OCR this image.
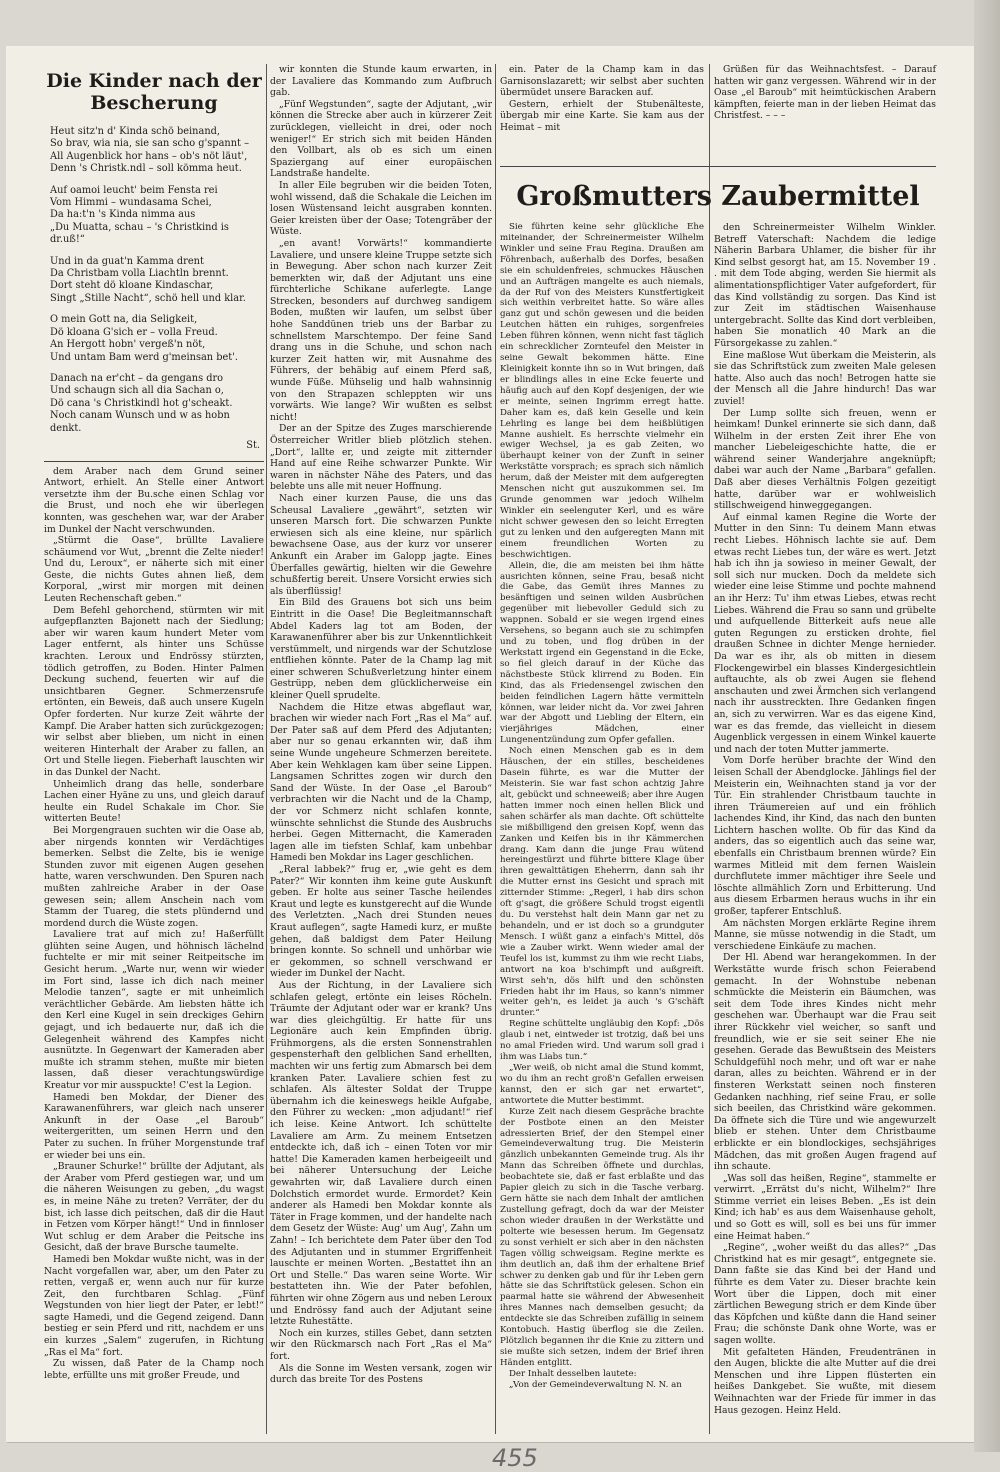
Die Kinder nach der Bescherung

Heut sitz'n d' Kinda schö beinand,

So brav, wia nia, sie san scho g'spannt –

All Augenblick hor hans – ob's nöt läut',

Denn 's Christk.ndl – soll kömma heut.

Auf oamoi leucht' beim Fensta rei

Vom Himmi – wundasama Schei,

Da ha:t'n 's Kinda nimma aus

„Du Muatta, schau – 's Christkind is dr.uß!“

Und in da guat'n Kamma drent

Da Christbam volla Liachtln brennt.

Dort steht dö kloane Kindaschar,

Singt „Stille Nacht“, schö hell und klar.

O mein Gott na, dia Seligkeit,

Dö kloana G'sich er – volla Freud.

An Hergott hobn' vergeß'n nöt,

Und untam Bam werd g'meinsan bet'.

Danach na er'cht – da gengans dro

Und schaugn sich all dia Sachan o,

Dö cana 's Christkindl hot g'scheakt.

Noch canam Wunsch und w as hobn denkt.

St.

dem Araber nach dem Grund seiner Antwort, erhielt. An Stelle einer Antwort versetzte ihm der Bu.sche einen Schlag vor die Brust, und noch ehe wir überlegen konnten, was geschehen war, war der Araber im Dunkel der Nacht verschwunden.

„Stürmt die Oase“, brüllte Lavaliere schäumend vor Wut, „brennt die Zelte nieder! Und du, Leroux“, er näherte sich mit einer Geste, die nichts Gutes ahnen ließ, dem Korporal, „wirst mir morgen mit deinen Leuten Rechenschaft geben.“

Dem Befehl gehorchend, stürmten wir mit aufgepflanzten Bajonett nach der Siedlung; aber wir waren kaum hundert Meter vom Lager entfernt, als hinter uns Schüsse krachten. Leroux und Endrössy stürzten, tödlich getroffen, zu Boden. Hinter Palmen Deckung suchend, feuerten wir auf die unsichtbaren Gegner. Schmerzensrufe ertönten, ein Beweis, daß auch unsere Kugeln Opfer forderten. Nur kurze Zeit währte der Kampf. Die Araber hatten sich zurückgezogen; wir selbst aber blieben, um nicht in einen weiteren Hinterhalt der Araber zu fallen, an Ort und Stelle liegen. Fieberhaft lauschten wir in das Dunkel der Nacht.

Unheimlich drang das helle, sonderbare Lachen einer Hyäne zu uns, und gleich darauf heulte ein Rudel Schakale im Chor. Sie witterten Beute!

Bei Morgengrauen suchten wir die Oase ab, aber nirgends konnten wir Verdächtiges bemerken. Selbst die Zelte, bis ie wenige Stunden zuvor mit eigenen Augen gesehen hatte, waren verschwunden. Den Spuren nach mußten zahlreiche Araber in der Oase gewesen sein; allem Anschein nach vom Stamm der Tuareg, die stets plündernd und mordend durch die Wüste zogen.

Lavaliere trat auf mich zu! Haßerfüllt glühten seine Augen, und höhnisch lächelnd fuchtelte er mir mit seiner Reitpeitsche im Gesicht herum. „Warte nur, wenn wir wieder im Fort sind, lasse ich dich nach meiner Melodie tanzen“, sagte er mit unheimlich verächtlicher Gebärde. Am liebsten hätte ich den Kerl eine Kugel in sein dreckiges Gehirn gejagt, und ich bedauerte nur, daß ich die Gelegenheit während des Kampfes nicht ausnützte. In Gegenwart der Kameraden aber mußte ich stramm stehen, mußte mir bieten lassen, daß dieser verachtungswürdige Kreatur vor mir ausspuckte! C'est la Legion.

Hamedi ben Mokdar, der Diener des Karawanenführers, war gleich nach unserer Ankunft in der Oase „el Baroub“ weitergeritten, um seinen Herrn und den Pater zu suchen. In früher Morgenstunde traf er wieder bei uns ein.

„Brauner Schurke!“ brüllte der Adjutant, als der Araber vom Pferd gestiegen war, und um die näheren Weisungen zu geben, „du wagst es, in meine Nähe zu treten? Verräter, der du bist, ich lasse dich peitschen, daß dir die Haut in Fetzen vom Körper hängt!“ Und in finnloser Wut schlug er dem Araber die Peitsche ins Gesicht, daß der brave Bursche taumelte.

Hamedi ben Mokdar wußte nicht, was in der Nacht vorgefallen war, aber, um den Pater zu retten, vergaß er, wenn auch nur für kurze Zeit, den furchtbaren Schlag. „Fünf Wegstunden von hier liegt der Pater, er lebt!“ sagte Hamedi, und die Gegend zeigend. Dann bestieg er sein Pferd und ritt, nachdem er uns ein kurzes „Salem“ zugerufen, in Richtung „Ras el Ma“ fort.

Zu wissen, daß Pater de la Champ noch lebte, erfüllte uns mit großer Freude, und

wir konnten die Stunde kaum erwarten, in der Lavaliere das Kommando zum Aufbruch gab.

„Fünf Wegstunden“, sagte der Adjutant, „wir können die Strecke aber auch in kürzerer Zeit zurücklegen, vielleicht in drei, oder noch weniger!“ Er strich sich mit beiden Händen den Vollbart, als ob es sich um einen Spaziergang auf einer europäischen Landstraße handelte.

In aller Eile begruben wir die beiden Toten, wohl wissend, daß die Schakale die Leichen im losen Wüstensand leicht ausgraben konnten. Geier kreisten über der Oase; Totengräber der Wüste.

„en avant! Vorwärts!“ kommandierte Lavaliere, und unsere kleine Truppe setzte sich in Bewegung. Aber schon nach kurzer Zeit bemerkten wir, daß der Adjutant uns eine fürchterliche Schikane auferlegte. Lange Strecken, besonders auf durchweg sandigem Boden, mußten wir laufen, um selbst über hohe Sanddünen trieb uns der Barbar zu schnellstem Marschtempo. Der feine Sand drang uns in die Schuhe, und schon nach kurzer Zeit hatten wir, mit Ausnahme des Führers, der behäbig auf einem Pferd saß, wunde Füße. Mühselig und halb wahnsinnig von den Strapazen schleppten wir uns vorwärts. Wie lange? Wir wußten es selbst nicht!

Der an der Spitze des Zuges marschierende Österreicher Writler blieb plötzlich stehen. „Dort“, lallte er, und zeigte mit zitternder Hand auf eine Reihe schwarzer Punkte. Wir waren in nächster Nähe des Paters, und das belebte uns alle mit neuer Hoffnung.

Nach einer kurzen Pause, die uns das Scheusal Lavaliere „gewährt“, setzten wir unseren Marsch fort. Die schwarzen Punkte erwiesen sich als eine kleine, nur spärlich bewachsene Oase, aus der kurz vor unserer Ankunft ein Araber im Galopp jagte. Eines Überfalles gewärtig, hielten wir die Gewehre schußfertig bereit. Unsere Vorsicht erwies sich als überflüssig!

Ein Bild des Grauens bot sich uns beim Eintritt in die Oase! Die Begleitmannschaft Abdel Kaders lag tot am Boden, der Karawanenführer aber bis zur Unkenntlichkeit verstümmelt, und nirgends war der Schutzlose entfliehen könnte. Pater de la Champ lag mit einer schweren Schußverletzung hinter einem Gestrüpp, neben dem glücklicherweise ein kleiner Quell sprudelte.

Nachdem die Hitze etwas abgeflaut war, brachen wir wieder nach Fort „Ras el Ma“ auf. Der Pater saß auf dem Pferd des Adjutanten; aber nur so genau erkannten wir, daß ihm seine Wunde ungeheure Schmerzen bereitete. Aber kein Wehklagen kam über seine Lippen. Langsamen Schrittes zogen wir durch den Sand der Wüste. In der Oase „el Baroub“ verbrachten wir die Nacht und de la Champ, der vor Schmerz nicht schlafen konnte, wünschte sehnlichst die Stunde des Ausbruchs herbei. Gegen Mitternacht, die Kameraden lagen alle im tiefsten Schlaf, kam unbehbar Hamedi ben Mokdar ins Lager geschlichen.

„Reral labbek?“ frug er, „wie geht es dem Pater?“ Wir konnten ihm keine gute Auskunft geben. Er holte aus seiner Tasche heilendes Kraut und legte es kunstgerecht auf die Wunde des Verletzten. „Nach drei Stunden neues Kraut auflegen“, sagte Hamedi kurz, er mußte gehen, daß baldigst dem Pater Heilung bringen konnte. So schnell und unhörbar wie er gekommen, so schnell verschwand er wieder im Dunkel der Nacht.

Aus der Richtung, in der Lavaliere sich schlafen gelegt, ertönte ein leises Röcheln. Träumte der Adjutant oder war er krank? Uns war dies gleichgültig. Er hatte für uns Legionäre auch kein Empfinden übrig. Frühmorgens, als die ersten Sonnenstrahlen gespensterhaft den gelblichen Sand erhellten, machten wir uns fertig zum Abmarsch bei dem kranken Pater. Lavaliere schien fest zu schlafen. Als ältester Soldat der Truppe übernahm ich die keineswegs heikle Aufgabe, den Führer zu wecken: „mon adjudant!“ rief ich leise. Keine Antwort. Ich schüttelte Lavaliere am Arm. Zu meinem Entsetzen entdeckte ich, daß ich – einen Toten vor mir hatte! Die Kameraden kamen herbeigeeilt und bei näherer Untersuchung der Leiche gewahrten wir, daß Lavaliere durch einen Dolchstich ermordet wurde. Ermordet? Kein anderer als Hamedi ben Mokdar konnte als Täter in Frage kommen, und der handelte nach dem Gesetz der Wüste: Aug' um Aug', Zahn um Zahn! – Ich berichtete dem Pater über den Tod des Adjutanten und in stummer Ergriffenheit lauschte er meinen Worten. „Bestattet ihn an Ort und Stelle.“ Das waren seine Worte. Wir bestatteten ihn. Wie der Pater befohlen, führten wir ohne Zögern aus und neben Leroux und Endrössy fand auch der Adjutant seine letzte Ruhestätte.

Noch ein kurzes, stilles Gebet, dann setzten wir den Rückmarsch nach Fort „Ras el Ma“ fort.

Als die Sonne im Westen versank, zogen wir durch das breite Tor des Postens

ein. Pater de la Champ kam in das Garnisonslazarett; wir selbst aber suchten übermüdet unsere Baracken auf.

Gestern, erhielt der Stubenälteste, übergab mir eine Karte. Sie kam aus der Heimat – mit

Grüßen für das Weihnachtsfest. – Darauf hatten wir ganz vergessen. Während wir in der Oase „el Baroub“ mit heimtückischen Arabern kämpften, feierte man in der lieben Heimat das Christfest. – – –

Großmutters Zaubermittel

Sie führten keine sehr glückliche Ehe miteinander, der Schreinermeister Wilhelm Winkler und seine Frau Regina. Draußen am Föhrenbach, außerhalb des Dorfes, besaßen sie ein schuldenfreies, schmuckes Häuschen und an Aufträgen mangelte es auch niemals, da der Ruf von des Meisters Kunstfertigkeit sich weithin verbreitet hatte. So wäre alles ganz gut und schön gewesen und die beiden Leutchen hätten ein ruhiges, sorgenfreies Leben führen können, wenn nicht fast täglich ein schrecklicher Zornteufel den Meister in seine Gewalt bekommen hätte. Eine Kleinigkeit konnte ihn so in Wut bringen, daß er blindlings alles in eine Ecke feuerte und häufig auch auf den Kopf desjenigen, der wie er meinte, seinen Ingrimm erregt hatte. Daher kam es, daß kein Geselle und kein Lehrling es lange bei dem heißblütigen Manne aushielt. Es herrschte vielmehr ein ewiger Wechsel, ja es gab Zeiten, wo überhaupt keiner von der Zunft in seiner Werkstätte vorsprach; es sprach sich nämlich herum, daß der Meister mit dem aufgeregten Menschen nicht gut auszukommen sei. Im Grunde genommen war jedoch Wilhelm Winkler ein seelenguter Kerl, und es wäre nicht schwer gewesen den so leicht Erregten gut zu lenken und den aufgeregten Mann mit einem freundlichen Worten zu beschwichtigen.

Allein, die, die am meisten bei ihm hätte ausrichten können, seine Frau, besaß nicht die Gabe, das Gemüt ihres Mannes zu besänftigen und seinen wilden Ausbrüchen gegenüber mit liebevoller Geduld sich zu wappnen. Sobald er sie wegen irgend eines Versehens, so begann auch sie zu schimpfen und zu toben, und flog drüben in der Werkstatt irgend ein Gegenstand in die Ecke, so fiel gleich darauf in der Küche das nächstbeste Stück klirrend zu Boden. Ein Kind, das als Friedensengel zwischen den beiden feindlichen Lagern hätte vermitteln können, war leider nicht da. Vor zwei Jahren war der Abgott und Liebling der Eltern, ein vierjähriges Mädchen, einer Lungenentzündung zum Opfer gefallen.

Noch einen Menschen gab es in dem Häuschen, der ein stilles, bescheidenes Dasein führte, es war die Mutter der Meisterin. Sie war fast schon achtzig Jahre alt, gebückt und schneeweiß; aber ihre Augen hatten immer noch einen hellen Blick und sahen schärfer als man dachte. Oft schüttelte sie mißbilligend den greisen Kopf, wenn das Zanken und Keifen bis in ihr Kämmerchen drang. Kam dann die junge Frau wütend hereingestürzt und führte bittere Klage über ihren gewalttätigen Eheherrn, dann sah ihr die Mutter ernst ins Gesicht und sprach mit zitternder Stimme: „Regerl, i hab dirs schon oft g'sagt, die größere Schuld trogst eigentli du. Du verstehst halt dein Mann gar net zu behandeln, und er ist doch so a grundguter Mensch. I wüßt ganz a einfach's Mittel, dös wie a Zauber wirkt. Wenn wieder amal der Teufel los ist, kummst zu ihm wie recht Liabs, antwort na koa b'schimpft und außgreift. Wirst seh'n, dös hilft und den schönsten Frieden habt ihr im Haus, so kann's nimmer weiter geh'n, es leidet ja auch 's G'schäft drunter.“

Regine schüttelte ungläubig den Kopf: „Dös glaub i net, eintweder ist trotzig, daß bei uns no amal Frieden wird. Und warum soll grad i ihm was Liabs tun.“

„Wer weiß, ob nicht amal die Stund kommt, wo du ihm an recht groß'n Gefallen erweisen kannst, den er sich gar net erwartet“, antwortete die Mutter bestimmt.

Kurze Zeit nach diesem Gespräche brachte der Postbote einen an den Meister adressierten Brief, der den Stempel einer Gemeindeverwaltung trug. Die Meisterin gänzlich unbekannten Gemeinde trug. Als ihr Mann das Schreiben öffnete und durchlas, beobachtete sie, daß er fast erblaßte und das Papier gleich zu sich in die Tasche verbarg. Gern hätte sie nach dem Inhalt der amtlichen Zustellung gefragt, doch da war der Meister schon wieder draußen in der Werkstätte und polterte wie besessen herum. Im Gegensatz zu sonst verhielt er sich aber in den nächsten Tagen völlig schweigsam. Regine merkte es ihm deutlich an, daß ihm der erhaltene Brief schwer zu denken gab und für ihr Leben gern hätte sie das Schriftstück gelesen. Schon ein paarmal hatte sie während der Abwesenheit ihres Mannes nach demselben gesucht; da entdeckte sie das Schreiben zufällig in seinem Kontobuch. Hastig überflog sie die Zeilen. Plötzlich begannen ihr die Knie zu zittern und sie mußte sich setzen, indem der Brief ihren Händen entglitt.

Der Inhalt desselben lautete:

„Von der Gemeindeverwaltung N. N. an

den Schreinermeister Wilhelm Winkler. Betreff Vaterschaft: Nachdem die ledige Näherin Barbara Uhlamer, die bisher für ihr Kind selbst gesorgt hat, am 15. November 19 . . mit dem Tode abging, werden Sie hiermit als alimentationspflichtiger Vater aufgefordert, für das Kind vollständig zu sorgen. Das Kind ist zur Zeit im städtischen Waisenhause untergebracht. Sollte das Kind dort verbleiben, haben Sie monatlich 40 Mark an die Fürsorgekasse zu zahlen.“

Eine maßlose Wut überkam die Meisterin, als sie das Schriftstück zum zweiten Male gelesen hatte. Also auch das noch! Betrogen hatte sie der Mensch all die Jahre hindurch! Das war zuviel!

Der Lump sollte sich freuen, wenn er heimkam! Dunkel erinnerte sie sich dann, daß Wilhelm in der ersten Zeit ihrer Ehe von mancher Liebeleigeschichte hatte, die er während seiner Wanderjahre angeknüpft; dabei war auch der Name „Barbara“ gefallen. Daß aber dieses Verhältnis Folgen gezeitigt hatte, darüber war er wohlweislich stillschweigend hinweggegangen.

Auf einmal kamen Regine die Worte der Mutter in den Sinn: Tu deinem Mann etwas recht Liebes. Höhnisch lachte sie auf. Dem etwas recht Liebes tun, der wäre es wert. Jetzt hab ich ihn ja sowieso in meiner Gewalt, der soll sich nur mucken. Doch da meldete sich wieder eine leise Stimme und pochte mahnend an ihr Herz: Tu' ihm etwas Liebes, etwas recht Liebes. Während die Frau so sann und grübelte und aufquellende Bitterkeit aufs neue alle guten Regungen zu ersticken drohte, fiel draußen Schnee in dichter Menge hernieder. Da war es ihr, als ob mitten in diesem Flockengewirbel ein blasses Kindergesichtlein auftauchte, als ob zwei Augen sie flehend anschauten und zwei Ärmchen sich verlangend nach ihr ausstreckten. Ihre Gedanken fingen an, sich zu verwirren. War es das eigene Kind, war es das fremde, das vielleicht in diesem Augenblick vergessen in einem Winkel kauerte und nach der toten Mutter jammerte.

Vom Dorfe herüber brachte der Wind den leisen Schall der Abendglocke. Jählings fiel der Meisterin ein, Weihnachten stand ja vor der Tür. Ein strahlender Christbaum tauchte in ihren Träumereien auf und ein fröhlich lachendes Kind, ihr Kind, das nach den bunten Lichtern haschen wollte. Ob für das Kind da anders, das so eigentlich auch das seine war, ebenfalls ein Christbaum brennen würde? Ein warmes Mitleid mit dem fernen Waislein durchflutete immer mächtiger ihre Seele und löschte allmählich Zorn und Erbitterung. Und aus diesem Erbarmen heraus wuchs in ihr ein großer, tapferer Entschluß.

Am nächsten Morgen erklärte Regine ihrem Manne, sie müsse notwendig in die Stadt, um verschiedene Einkäufe zu machen.

Der Hl. Abend war herangekommen. In der Werkstätte wurde frisch schon Feierabend gemacht. In der Wohnstube nebenan schmückte die Meisterin ein Bäumchen, was seit dem Tode ihres Kindes nicht mehr geschehen war. Überhaupt war die Frau seit ihrer Rückkehr viel weicher, so sanft und freundlich, wie er sie seit seiner Ehe nie gesehen. Gerade das Bewußtsein des Meisters Schuldgefühl noch mehr, und oft war er nahe daran, alles zu beichten. Während er in der finsteren Werkstatt seinen noch finsteren Gedanken nachhing, rief seine Frau, er solle sich beeilen, das Christkind wäre gekommen. Da öffnete sich die Türe und wie angewurzelt blieb er stehen. Unter dem Christbaume erblickte er ein blondlockiges, sechsjähriges Mädchen, das mit großen Augen fragend auf ihn schaute.

„Was soll das heißen, Regine“, stammelte er verwirrt. „Errätst du's nicht, Wilhelm?“ Ihre Stimme verriet ein leises Beben. „Es ist dein Kind; ich hab' es aus dem Waisenhause geholt, und so Gott es will, soll es bei uns für immer eine Heimat haben.“

„Regine“, „woher weißt du das alles?“ „Das Christkind hat es mir gesagt“, entgegnete sie. Dann faßte sie das Kind bei der Hand und führte es dem Vater zu. Dieser brachte kein Wort über die Lippen, doch mit einer zärtlichen Bewegung strich er dem Kinde über das Köpfchen und küßte dann die Hand seiner Frau; die schönste Dank ohne Worte, was er sagen wollte.

Mit gefalteten Händen, Freudentränen in den Augen, blickte die alte Mutter auf die drei Menschen und ihre Lippen flüsterten ein heißes Dankgebet. Sie wußte, mit diesem Weihnachten war der Friede für immer in das Haus gezogen. Heinz Held.

455
